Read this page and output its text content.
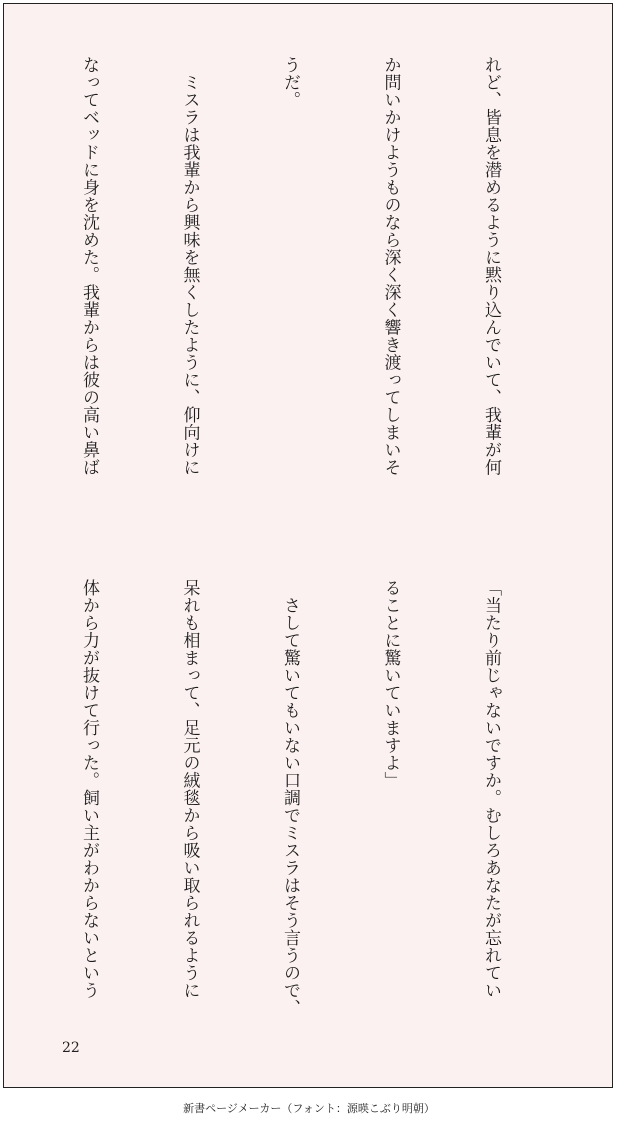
れど、皆息を潜めるように黙り込んでいて、我輩が何

か問いかけようものなら深く深く響き渡ってしまいそ

うだ。

　ミスラは我輩から興味を無くしたように、仰向けに

なってベッドに身を沈めた。我輩からは彼の高い鼻ば

「当たり前じゃないですか。むしろあなたが忘れてい

ることに驚いていますよ」

　さして驚いてもいない口調でミスラはそう言うので、

呆れも相まって、足元の絨毯から吸い取られるように

体から力が抜けて行った。飼い主がわからないという

22
新書ページメーカー（フォント：源暎こぶり明朝）
